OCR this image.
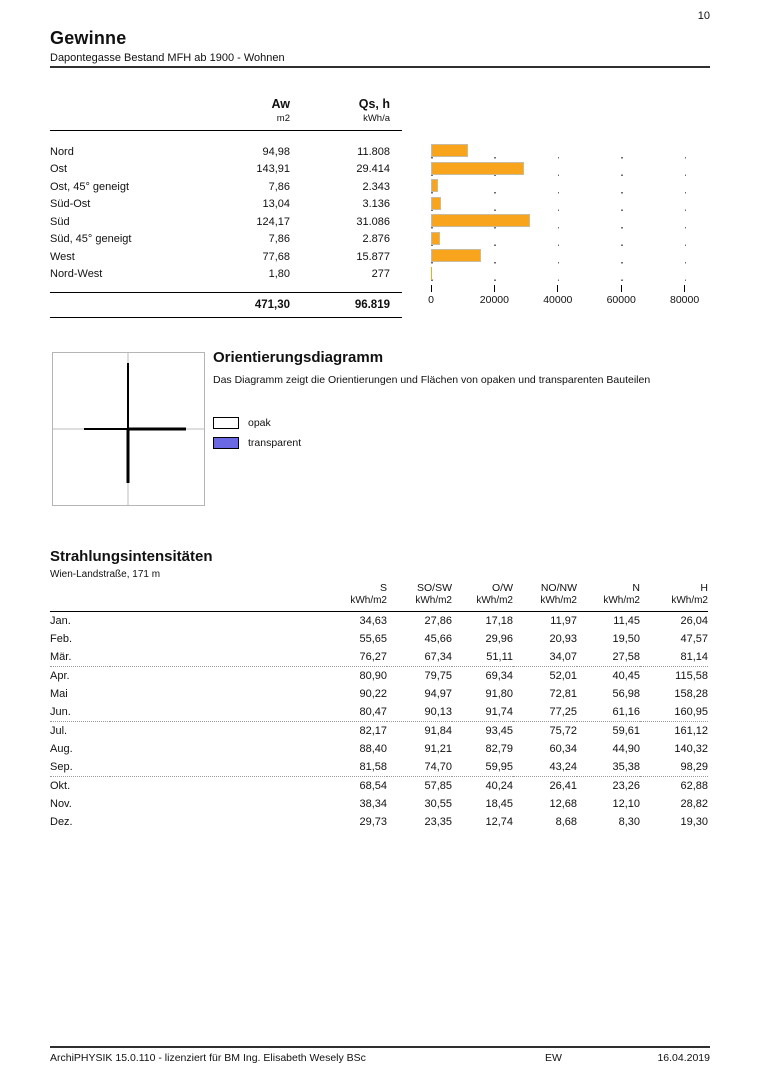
10
Gewinne
Dapontegasse Bestand MFH ab 1900 - Wohnen
	Aw	Qs, h
	m2	kWh/a

Nord	94,98	11.808
Ost	143,91	29.414
Ost, 45° geneigt	7,86	2.343
Süd-Ost	13,04	3.136
Süd	124,17	31.086
Süd, 45° geneigt	7,86	2.876
West	77,68	15.877
Nord-West	1,80	277

	471,30	96.819	0	20000	40000	60000	80000
Orientierungsdiagramm
Das Diagramm zeigt die Orientierungen und Flächen von opaken und transparenten Bauteilen
opak
transparent
Strahlungsintensitäten
Wien-Landstraße, 171 m
	S	SO/SW	O/W	NO/NW	N	H
	kWh/m2	kWh/m2	kWh/m2	kWh/m2	kWh/m2	kWh/m2
Jan.	34,63	27,86	17,18	11,97	11,45	26,04
Feb.	55,65	45,66	29,96	20,93	19,50	47,57
Mär.	76,27	67,34	51,11	34,07	27,58	81,14
Apr.	80,90	79,75	69,34	52,01	40,45	115,58
Mai	90,22	94,97	91,80	72,81	56,98	158,28
Jun.	80,47	90,13	91,74	77,25	61,16	160,95
Jul.	82,17	91,84	93,45	75,72	59,61	161,12
Aug.	88,40	91,21	82,79	60,34	44,90	140,32
Sep.	81,58	74,70	59,95	43,24	35,38	98,29
Okt.	68,54	57,85	40,24	26,41	23,26	62,88
Nov.	38,34	30,55	18,45	12,68	12,10	28,82
Dez.	29,73	23,35	12,74	8,68	8,30	19,30
ArchiPHYSIK 15.0.110 - lizenziert für BM Ing. Elisabeth Wesely BSc	EW	16.04.2019
